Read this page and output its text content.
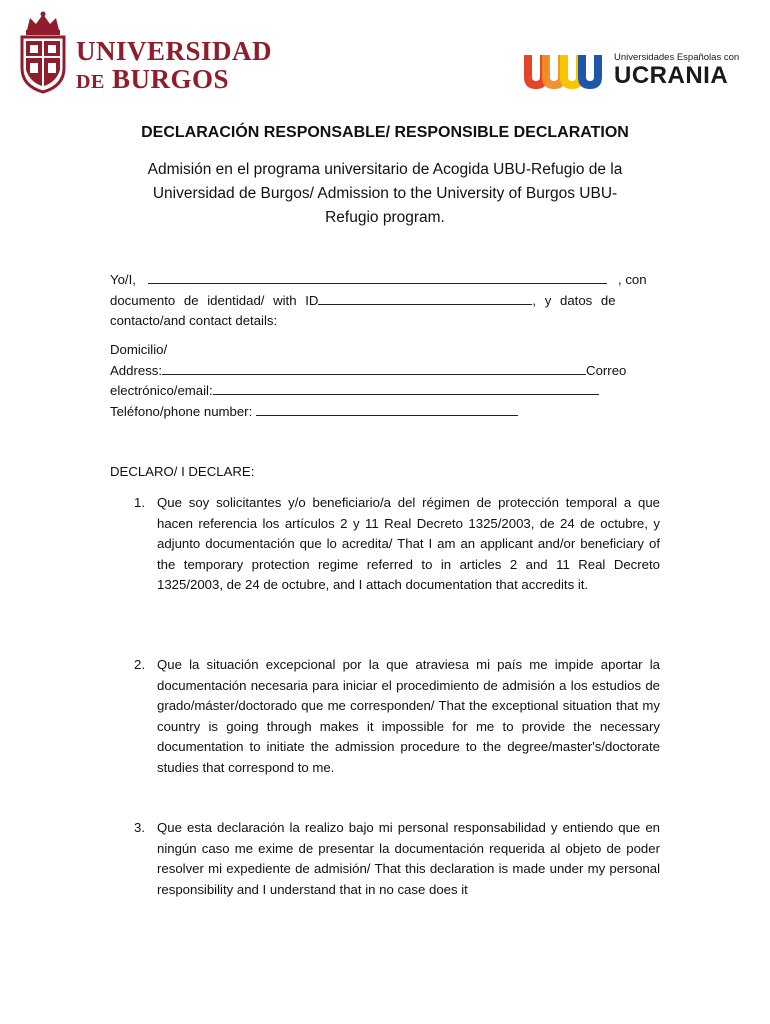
UNIVERSIDAD
DE BURGOS
Universidades Españolas con
UCRANIA
DECLARACIÓN RESPONSABLE/ RESPONSIBLE DECLARATION
Admisión en el programa universitario de Acogida UBU-Refugio de la Universidad de Burgos/ Admission to the University of Burgos UBU-Refugio program.
Yo/I,	, con
documento de identidad/ with ID	, y datos de
contacto/and contact details:
Domicilio/
Address:	Correo
electrónico/email:
Teléfono/phone number:
DECLARO/ I DECLARE:
1. Que soy solicitantes y/o beneficiario/a del régimen de protección temporal a que hacen referencia los artículos 2 y 11 Real Decreto 1325/2003, de 24 de octubre, y adjunto documentación que lo acredita/ That I am an applicant and/or beneficiary of the temporary protection regime referred to in articles 2 and 11 Real Decreto 1325/2003, de 24 de octubre, and I attach documentation that accredits it.
2. Que la situación excepcional por la que atraviesa mi país me impide aportar la documentación necesaria para iniciar el procedimiento de admisión a los estudios de grado/máster/doctorado que me corresponden/ That the exceptional situation that my country is going through makes it impossible for me to provide the necessary documentation to initiate the admission procedure to the degree/master's/doctorate studies that correspond to me.
3. Que esta declaración la realizo bajo mi personal responsabilidad y entiendo que en ningún caso me exime de presentar la documentación requerida al objeto de poder resolver mi expediente de admisión/ That this declaration is made under my personal responsibility and I understand that in no case does it
